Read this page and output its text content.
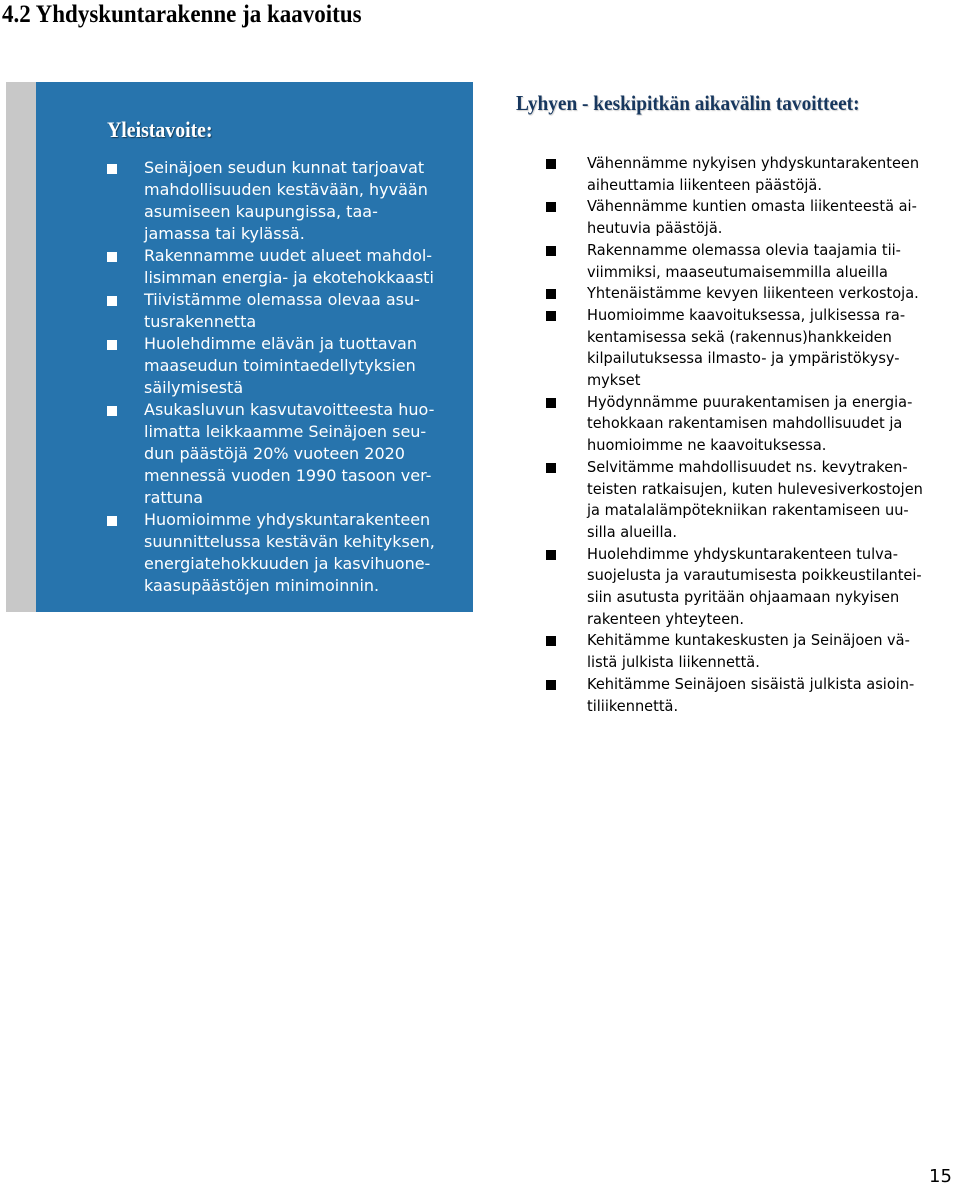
4.2 Yhdyskuntarakenne ja kaavoitus
Yleistavoite:
Seinäjoen seudun kunnat tarjoavat
mahdollisuuden kestävään, hyvään
asumiseen kaupungissa, taa-
jamassa tai kylässä.
Rakennamme uudet alueet mahdol-
lisimman energia- ja ekotehokkaasti
Tiivistämme olemassa olevaa asu-
tusrakennetta
Huolehdimme elävän ja tuottavan
maaseudun toimintaedellytyksien
säilymisestä
Asukasluvun kasvutavoitteesta huo-
limatta leikkaamme Seinäjoen seu-
dun päästöjä 20% vuoteen 2020
mennessä vuoden 1990 tasoon ver-
rattuna
Huomioimme yhdyskuntarakenteen
suunnittelussa kestävän kehityksen,
energiatehokkuuden ja kasvihuone-
kaasupäästöjen minimoinnin.
Lyhyen - keskipitkän aikavälin tavoitteet:
Vähennämme nykyisen yhdyskuntarakenteen
aiheuttamia liikenteen päästöjä.
Vähennämme kuntien omasta liikenteestä ai-
heutuvia päästöjä.
Rakennamme olemassa olevia taajamia tii-
viimmiksi, maaseutumaisemmilla alueilla
Yhtenäistämme kevyen liikenteen verkostoja.
Huomioimme kaavoituksessa, julkisessa ra-
kentamisessa sekä (rakennus)hankkeiden
kilpailutuksessa ilmasto- ja ympäristökysy-
mykset
Hyödynnämme puurakentamisen ja energia-
tehokkaan rakentamisen mahdollisuudet ja
huomioimme ne kaavoituksessa.
Selvitämme mahdollisuudet ns. kevytraken-
teisten ratkaisujen, kuten hulevesiverkostojen
ja matalalämpötekniikan rakentamiseen uu-
silla alueilla.
Huolehdimme yhdyskuntarakenteen tulva-
suojelusta ja varautumisesta poikkeustilantei-
siin asutusta pyritään ohjaamaan nykyisen
rakenteen yhteyteen.
Kehitämme kuntakeskusten ja Seinäjoen vä-
listä julkista liikennettä.
Kehitämme Seinäjoen sisäistä julkista asioin-
tiliikennettä.
15
